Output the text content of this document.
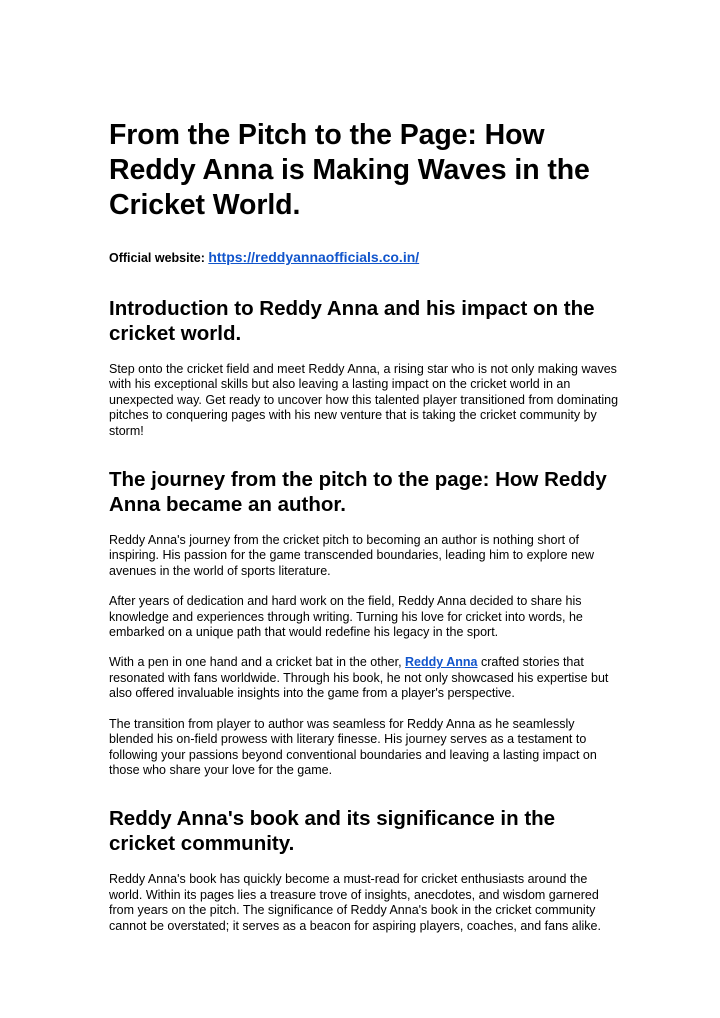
From the Pitch to the Page: How Reddy Anna is Making Waves in the Cricket World.
Official website: https://reddyannaofficials.co.in/
Introduction to Reddy Anna and his impact on the cricket world.

Step onto the cricket field and meet Reddy Anna, a rising star who is not only making waves with his exceptional skills but also leaving a lasting impact on the cricket world in an unexpected way. Get ready to uncover how this talented player transitioned from dominating pitches to conquering pages with his new venture that is taking the cricket community by storm!

The journey from the pitch to the page: How Reddy Anna became an author.

Reddy Anna's journey from the cricket pitch to becoming an author is nothing short of inspiring. His passion for the game transcended boundaries, leading him to explore new avenues in the world of sports literature.

After years of dedication and hard work on the field, Reddy Anna decided to share his knowledge and experiences through writing. Turning his love for cricket into words, he embarked on a unique path that would redefine his legacy in the sport.

With a pen in one hand and a cricket bat in the other, Reddy Anna crafted stories that resonated with fans worldwide. Through his book, he not only showcased his expertise but also offered invaluable insights into the game from a player's perspective.

The transition from player to author was seamless for Reddy Anna as he seamlessly blended his on-field prowess with literary finesse. His journey serves as a testament to following your passions beyond conventional boundaries and leaving a lasting impact on those who share your love for the game.

Reddy Anna's book and its significance in the cricket community.

Reddy Anna's book has quickly become a must-read for cricket enthusiasts around the world. Within its pages lies a treasure trove of insights, anecdotes, and wisdom garnered from years on the pitch. The significance of Reddy Anna's book in the cricket community cannot be overstated; it serves as a beacon for aspiring players, coaches, and fans alike.
